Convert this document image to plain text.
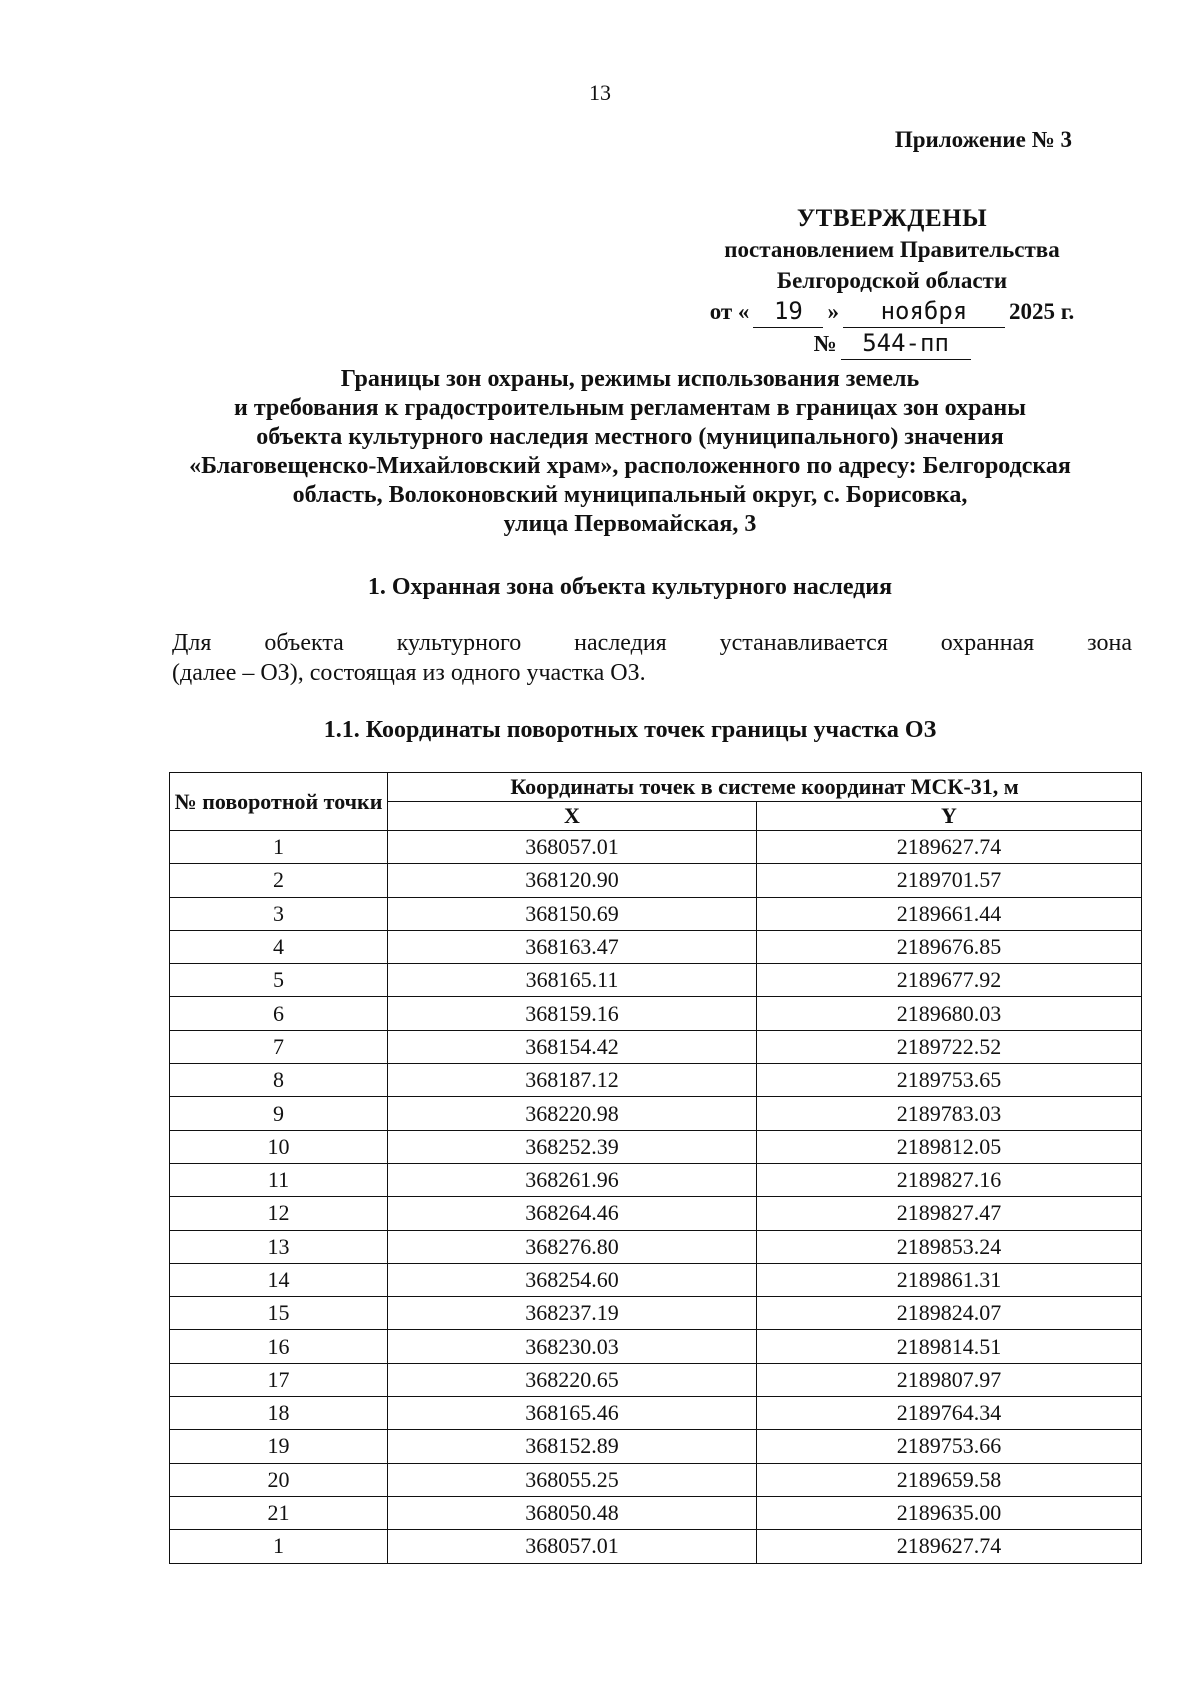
13
Приложение № 3
УТВЕРЖДЕНЫ
постановлением Правительства
Белгородской области
от «	19	»	ноября	2025 г.
№	544-пп
Границы зон охраны, режимы использования земель
и требования к градостроительным регламентам в границах зон охраны
объекта культурного наследия местного (муниципального) значения
«Благовещенско-Михайловский храм», расположенного по адресу: Белгородская
область, Волоконовский муниципальный округ, с. Борисовка,
улица Первомайская, 3
1. Охранная зона объекта культурного наследия
Для объекта культурного наследия устанавливается охранная зона
(далее – ОЗ), состоящая из одного участка ОЗ.
1.1. Координаты поворотных точек границы участка ОЗ
№ поворотной точки	Координаты точек в системе координат МСК-31, м	
	X	Y
1	368057.01	2189627.74
2	368120.90	2189701.57
3	368150.69	2189661.44
4	368163.47	2189676.85
5	368165.11	2189677.92
6	368159.16	2189680.03
7	368154.42	2189722.52
8	368187.12	2189753.65
9	368220.98	2189783.03
10	368252.39	2189812.05
11	368261.96	2189827.16
12	368264.46	2189827.47
13	368276.80	2189853.24
14	368254.60	2189861.31
15	368237.19	2189824.07
16	368230.03	2189814.51
17	368220.65	2189807.97
18	368165.46	2189764.34
19	368152.89	2189753.66
20	368055.25	2189659.58
21	368050.48	2189635.00
1	368057.01	2189627.74
